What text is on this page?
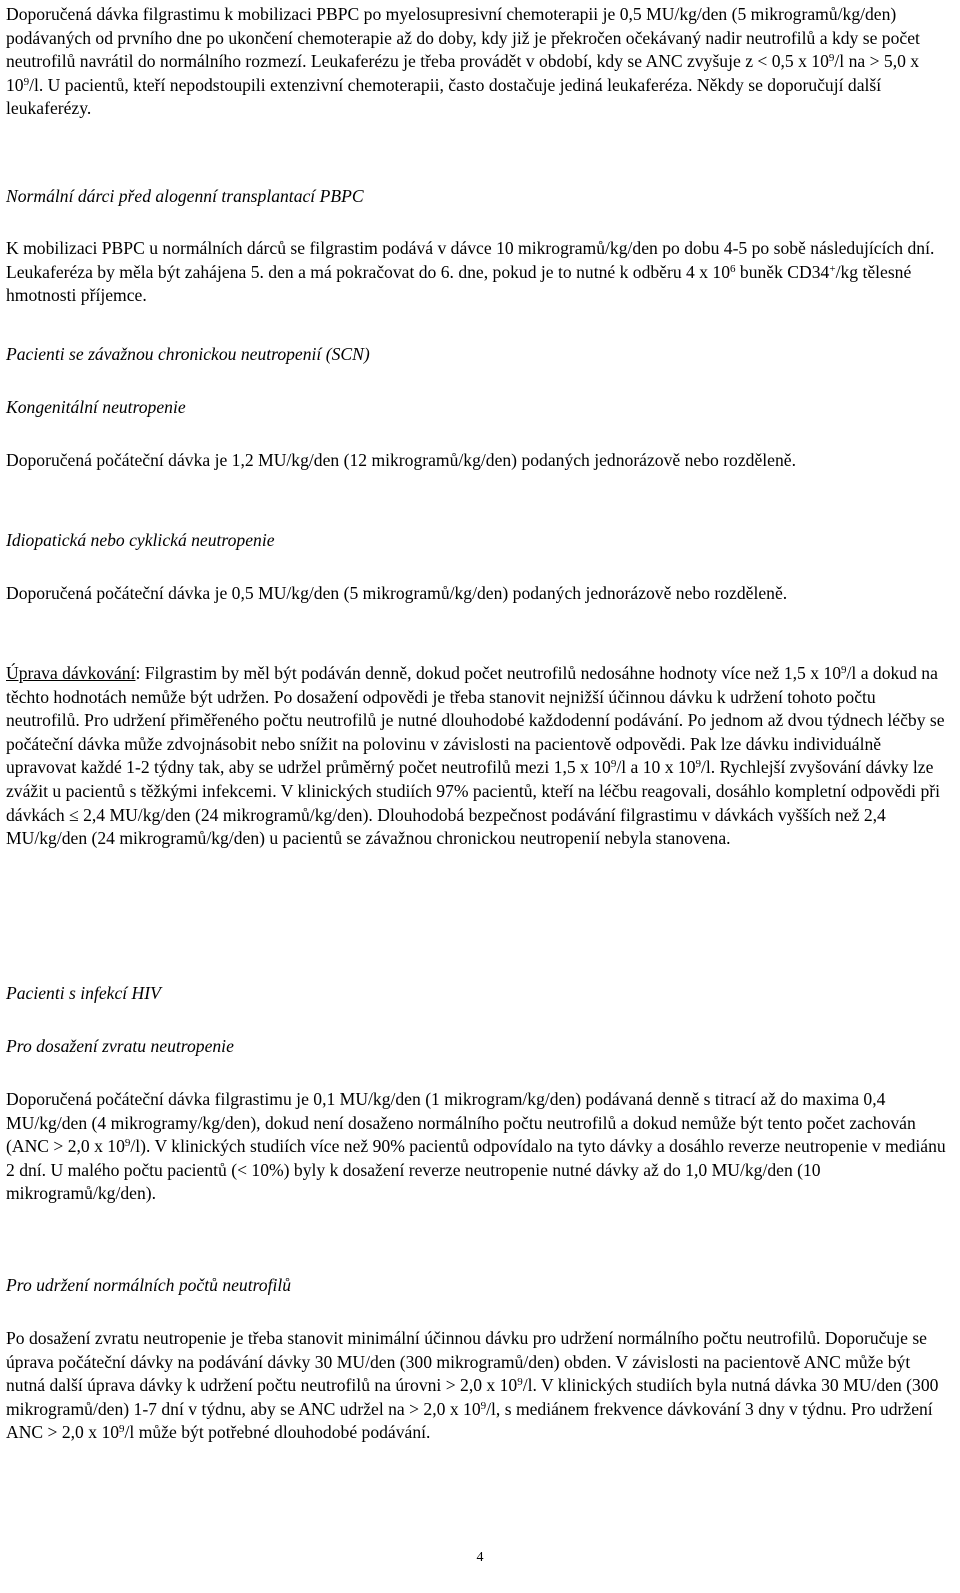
Doporučená dávka filgrastimu k mobilizaci PBPC po myelosupresivní chemoterapii je 0,5 MU/kg/den (5 mikrogramů/kg/den) podávaných od prvního dne po ukončení chemoterapie až do doby, kdy již je překročen očekávaný nadir neutrofilů a kdy se počet neutrofilů navrátil do normálního rozmezí. Leukaferézu je třeba provádět v období, kdy se ANC zvyšuje z < 0,5 x $10^9/l$ na > 5,0 x $10^9/l$. U pacientů, kteří nepodstoupili extenzivní chemoterapii, často dostačuje jediná leukaferéza. Někdy se doporučují další leukaferézy.

Normální dárci před alogenní transplantací PBPC

K mobilizaci PBPC u normálních dárců se filgrastim podává v dávce 10 mikrogramů/kg/den po dobu 4-5 po sobě následujících dní. Leukaferéza by měla být zahájena 5. den a má pokračovat do 6. dne, pokud je to nutné k odběru 4 x $10^6$ buněk CD34+/kg tělesné hmotnosti příjemce.

Pacienti se závažnou chronickou neutropenií (SCN)

Kongenitální neutropenie

Doporučená počáteční dávka je 1,2 MU/kg/den (12 mikrogramů/kg/den) podaných jednorázově nebo rozděleně.

Idiopatická nebo cyklická neutropenie

Doporučená počáteční dávka je 0,5 MU/kg/den (5 mikrogramů/kg/den) podaných jednorázově nebo rozděleně.

Úprava dávkování: Filgrastim by měl být podáván denně, dokud počet neutrofilů nedosáhne hodnoty více než 1,5 x $10^9/l$ a dokud na těchto hodnotách nemůže být udržen. Po dosažení odpovědi je třeba stanovit nejnižší účinnou dávku k udržení tohoto počtu neutrofilů. Pro udržení přiměřeného počtu neutrofilů je nutné dlouhodobé každodenní podávání. Po jednom až dvou týdnech léčby se počáteční dávka může zdvojnásobit nebo snížit na polovinu v závislosti na pacientově odpovědi. Pak lze dávku individuálně upravovat každé 1-2 týdny tak, aby se udržel průměrný počet neutrofilů mezi 1,5 x $10^9/l$ a 10 x $10^9/l$. Rychlejší zvyšování dávky lze zvážit u pacientů s těžkými infekcemi. V klinických studiích 97% pacientů, kteří na léčbu reagovali, dosáhlo kompletní odpovědi při dávkách ≤ 2,4 MU/kg/den (24 mikrogramů/kg/den). Dlouhodobá bezpečnost podávání filgrastimu v dávkách vyšších než 2,4 MU/kg/den (24 mikrogramů/kg/den) u pacientů se závažnou chronickou neutropenií nebyla stanovena.

Pacienti s infekcí HIV

Pro dosažení zvratu neutropenie

Doporučená počáteční dávka filgrastimu je 0,1 MU/kg/den (1 mikrogram/kg/den) podávaná denně s titrací až do maxima 0,4 MU/kg/den (4 mikrogramy/kg/den), dokud není dosaženo normálního počtu neutrofilů a dokud nemůže být tento počet zachován (ANC > 2,0 x $10^9/l$). V klinických studiích více než 90% pacientů odpovídalo na tyto dávky a dosáhlo reverze neutropenie v mediánu 2 dní. U malého počtu pacientů (< 10%) byly k dosažení reverze neutropenie nutné dávky až do 1,0 MU/kg/den (10 mikrogramů/kg/den).

Pro udržení normálních počtů neutrofilů

Po dosažení zvratu neutropenie je třeba stanovit minimální účinnou dávku pro udržení normálního počtu neutrofilů. Doporučuje se úprava počáteční dávky na podávání dávky 30 MU/den (300 mikrogramů/den) obden. V závislosti na pacientově ANC může být nutná další úprava dávky k udržení počtu neutrofilů na úrovni > 2,0 x $10^9/l$. V klinických studiích byla nutná dávka 30 MU/den (300 mikrogramů/den) 1-7 dní v týdnu, aby se ANC udržel na > 2,0 x $10^9/l$, s mediánem frekvence dávkování 3 dny v týdnu. Pro udržení ANC > 2,0 x $10^9/l$ může být potřebné dlouhodobé podávání.

4
